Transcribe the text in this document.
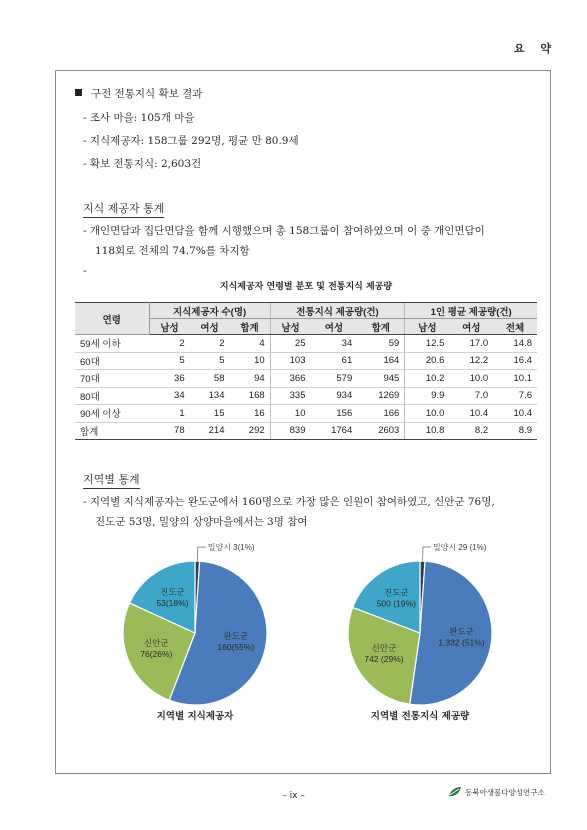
요 약
구전 전통지식 확보 결과
- 조사 마을: 105개 마을
- 지식제공자: 158그룹 292명, 평균 만 80.9세
- 확보 전통지식: 2,603건
지식 제공자 통계
- 개인면담과 집단면담을 함께 시행했으며 총 158그룹이 참여하였으며 이 중 개인면담이
118회로 전체의 74.7%를 차지함
-
지식제공자 연령별 분포 및 전통지식 제공량
연령	지식제공자 수(명)			전통지식 제공량(건)			1인 평균 제공량(건)		
	남성	여성	합계	남성	여성	합계	남성	여성	전체
59세 이하	2	2	4	25	34	59	12.5	17.0	14.8
60대	5	5	10	103	61	164	20.6	12.2	16.4
70대	36	58	94	366	579	945	10.2	10.0	10.1
80대	34	134	168	335	934	1269	9.9	7.0	7.6
90세 이상	1	15	16	10	156	166	10.0	10.4	10.4
합계	78	214	292	839	1764	2603	10.8	8.2	8.9
지역별 통계
- 지역별 지식제공자는 완도군에서 160명으로 가장 많은 인원이 참여하였고, 신안군 76명,
진도군 53명, 밀양의 상양마을에서는 3명 참여
밀양시 3(1%)
완도군 160(55%)
신안군 76(26%)
진도군 53(18%)
지역별 지식제공자
밀양시 29 (1%)
완도군 1,332 (51%)
신안군 742 (29%)
진도군 500 (19%)
지역별 전통지식 제공량
– ix –	동북아생물다양성연구소
